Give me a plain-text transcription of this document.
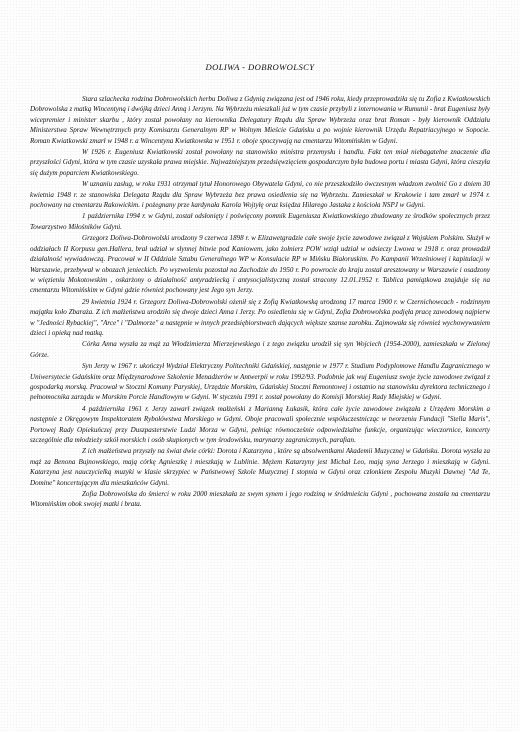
DOLIWA - DOBROWOLSCY

Stara szlachecka rodzina Dobrowolskich herbu Doliwa z Gdynią związana jest od 1946 roku, kiedy przeprowadziła się tu Zofia z Kwiatkowskich Dobrowolska z matką Wincentyną i dwójką dzieci Anną i Jerzym. Na Wybrzeżu mieszkali już w tym czasie przybyli z internowania w Rumunii - brat Eugeniusz były wicepremier i minister skarbu , który został powołany na kierownika Delegatury Rządu dla Spraw Wybrzeża oraz brat Roman - były kierownik Oddziału Ministerstwa Spraw Wewnętrznych przy Komisarzu Generalnym RP w Wolnym Mieście Gdańsku a po wojnie kierownik Urzędu Repatriacyjnego w Sopocie. Roman Kwiatkowski zmarł w 1948 r. a Wincentyna Kwiatkowska w 1951 r. oboje spoczywają na cmentarzu Witomińskim w Gdyni.

W 1926 r. Eugeniusz Kwiatkowski został powołany na stanowisko ministra przemysłu i handlu. Fakt ten miał niebagatelne znaczenie dla przyszłości Gdyni, która w tym czasie uzyskała prawa miejskie. Najważniejszym przedsięwzięciem gospodarczym była budowa portu i miasta Gdyni, która cieszyła się dużym poparciem Kwiatkowskiego.

W uznaniu zasług, w roku 1931 otrzymał tytuł Honorowego Obywatela Gdyni, co nie przeszkodziło ówczesnym władzom zwolnić Go z dniem 30 kwietnia 1948 r. ze stanowiska Delegata Rządu dla Spraw Wybrzeża bez prawa osiedlenia się na Wybrzeżu. Zamieszkał w Krakowie i tam zmarł w 1974 r. pochowany na cmentarzu Rakowickim. i pożegnany prze kardynała Karola Wojtyłę oraz księdza Hilarego Jastaka z kościoła NSPJ w Gdyni.

1 października 1994 r. w Gdyni, został odsłonięty i poświęcony pomnik Eugeniusza Kwiatkowskiego zbudowany ze środków społecznych przez Towarzystwo Miłośników Gdyni.

Grzegorz Doliwa-Dobrowolski urodzony 9 czerwca 1898 r. w Elizawetgradzie całe swoje życie zawodowe związał z Wojskiem Polskim. Służył w oddziałach II Korpusu gen.Hallera, brał udział w słynnej bitwie pod Kaniowem, jako żołnierz POW wziął udział w odsieczy Lwowa w 1918 r. oraz prowadził działalność wywiadowczą. Pracował w II Oddziale Sztabu Generalnego WP w Konsulacie RP w Mińsku Białoruskim. Po Kampanii Wrześniowej i kapitulacji w Warszawie, przebywał w obozach jenieckich. Po wyzwoleniu pozostał na Zachodzie do 1950 r. Po powrocie do kraju został aresztowany w Warszawie i osadzony w więzieniu Mokotowskim , oskarżony o działalność antyradziecką i antysocjalistyczną został stracony 12.01.1952 r. Tablica pamiątkowa znajduje się na cmentarzu Witomińskim w Gdyni gdzie również pochowany jest Jego syn Jerzy.

29 kwietnia 1924 r. Grzegorz Doliwa-Dobrowolski ożenił się z Zofią Kwiatkowską urodzoną 17 marca 1900 r. w Czernichowcach - rodzinnym majątku koło Zbaraża. Z ich małżeństwa urodziło się dwoje dzieci Anna i Jerzy. Po osiedleniu się w Gdyni, Zofia Dobrowolska podjęła pracę zawodową najpierw w "Jedności Rybackiej", "Arce" i "Dalmorze" a następnie w innych przedsiębiorstwach dających większe szanse zarobku. Zajmowała się również wychowywaniem dzieci i opieką nad matką.

Córka Anna wyszła za mąż za Włodzimierza Mierzejewskiego i z tego związku urodził się syn Wojciech (1954-2000), zamieszkała w Zielonej Górze.

Syn Jerzy w 1967 r. ukończył Wydział Elektryczny Politechniki Gdańskiej, następnie w 1977 r. Studium Podyplomowe Handlu Zagranicznego w Uniwersytecie Gdańskim oraz Międzynarodowe Szkolenie Menadżerów w Antwerpii w roku 1992/93. Podobnie jak wuj Eugeniusz swoje życie zawodowe związał z gospodarką morską. Pracował w Stoczni Komuny Paryskiej, Urzędzie Morskim, Gdańskiej Stoczni Remontowej i ostatnio na stanowisku dyrektora technicznego i pełnomocnika zarządu w Morskim Porcie Handlowym w Gdyni. W styczniu 1991 r. został powołany do Komisji Morskiej Rady Miejskiej w Gdyni.

4 października 1961 r. Jerzy zawarł związek małżeński z Marianną Łukasik, która całe życie zawodowe związała z Urzędem Morskim a następnie z Okręgowym Inspektoratem Rybołówstwa Morskiego w Gdyni. Oboje pracowali społecznie współuczestnicząc w tworzeniu Fundacji "Stella Maris", Portowej Rady Opiekuńczej przy Duszpasterstwie Ludzi Morza w Gdyni, pełniąc równocześnie odpowiedzialne funkcje, organizując wieczornice, koncerty szczególnie dla młodzieży szkół morskich i osób skupionych w tym środowisku, marynarzy zagranicznych, parafian.

Z ich małżeństwa przyszły na świat dwie córki: Dorota i Katarzyna , które są absolwentkami Akademii Muzycznej w Gdańsku. Dorota wyszła za mąż za Benona Bujnowskiego, mają córkę Agnieszkę i mieszkają w Lublinie. Mężem Katarzyny jest Michał Leo, mają syna Jerzego i mieszkają w Gdyni. Katarzyna jest nauczycielką muzyki w klasie skrzypiec w Państwowej Szkole Muzycznej I stopnia w Gdyni oraz członkiem Zespołu Muzyki Dawnej "Ad Te, Domine" koncertującym dla mieszkańców Gdyni.

Zofia Dobrowolska do śmierci w roku 2000 mieszkała ze swym synem i jego rodziną w śródmieściu Gdyni , pochowana została na cmentarzu Witomińskim obok swojej matki i brata.
